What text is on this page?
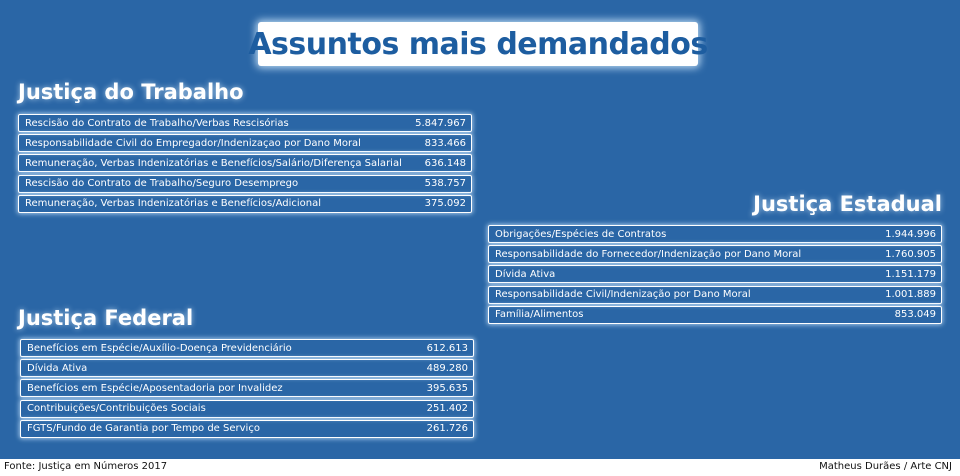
Assuntos mais demandados
Justiça do Trabalho
Rescisão do Contrato de Trabalho/Verbas Rescisórias	5.847.967
Responsabilidade Civil do Empregador/Indenizaçao por Dano Moral	833.466
Remuneração, Verbas Indenizatórias e Benefícios/Salário/Diferença Salarial	636.148
Rescisão do Contrato de Trabalho/Seguro Desemprego	538.757
Remuneração, Verbas Indenizatórias e Benefícios/Adicional	375.092	Justiça Estadual
Obrigações/Espécies de Contratos	1.944.996
Responsabilidade do Fornecedor/Indenização por Dano Moral	1.760.905
Dívida Ativa	1.151.179
Responsabilidade Civil/Indenização por Dano Moral	1.001.889
Família/Alimentos	853.049
Justiça Federal
Benefícios em Espécie/Auxílio-Doença Previdenciário	612.613
Dívida Ativa	489.280
Benefícios em Espécie/Aposentadoria por Invalidez	395.635
Contribuições/Contribuições Sociais	251.402
FGTS/Fundo de Garantia por Tempo de Serviço	261.726
Fonte: Justiça em Números 2017	Matheus Durães / Arte CNJ
